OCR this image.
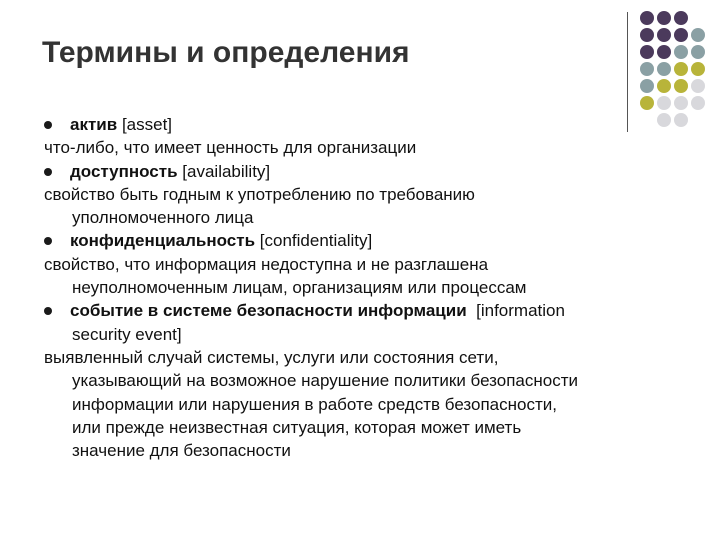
Термины и определения
актив [asset]
что-либо, что имеет ценность для организации
доступность [availability]
свойство быть годным к употреблению по требованию
уполномоченного лица
конфиденциальность [confidentiality]
свойство, что информация недоступна и не разглашена
неуполномоченным лицам, организациям или процессам
событие в системе безопасности информации [information
security event]
выявленный случай системы, услуги или состояния сети,
указывающий на возможное нарушение политики безопасности
информации или нарушения в работе средств безопасности,
или прежде неизвестная ситуация, которая может иметь
значение для безопасности
